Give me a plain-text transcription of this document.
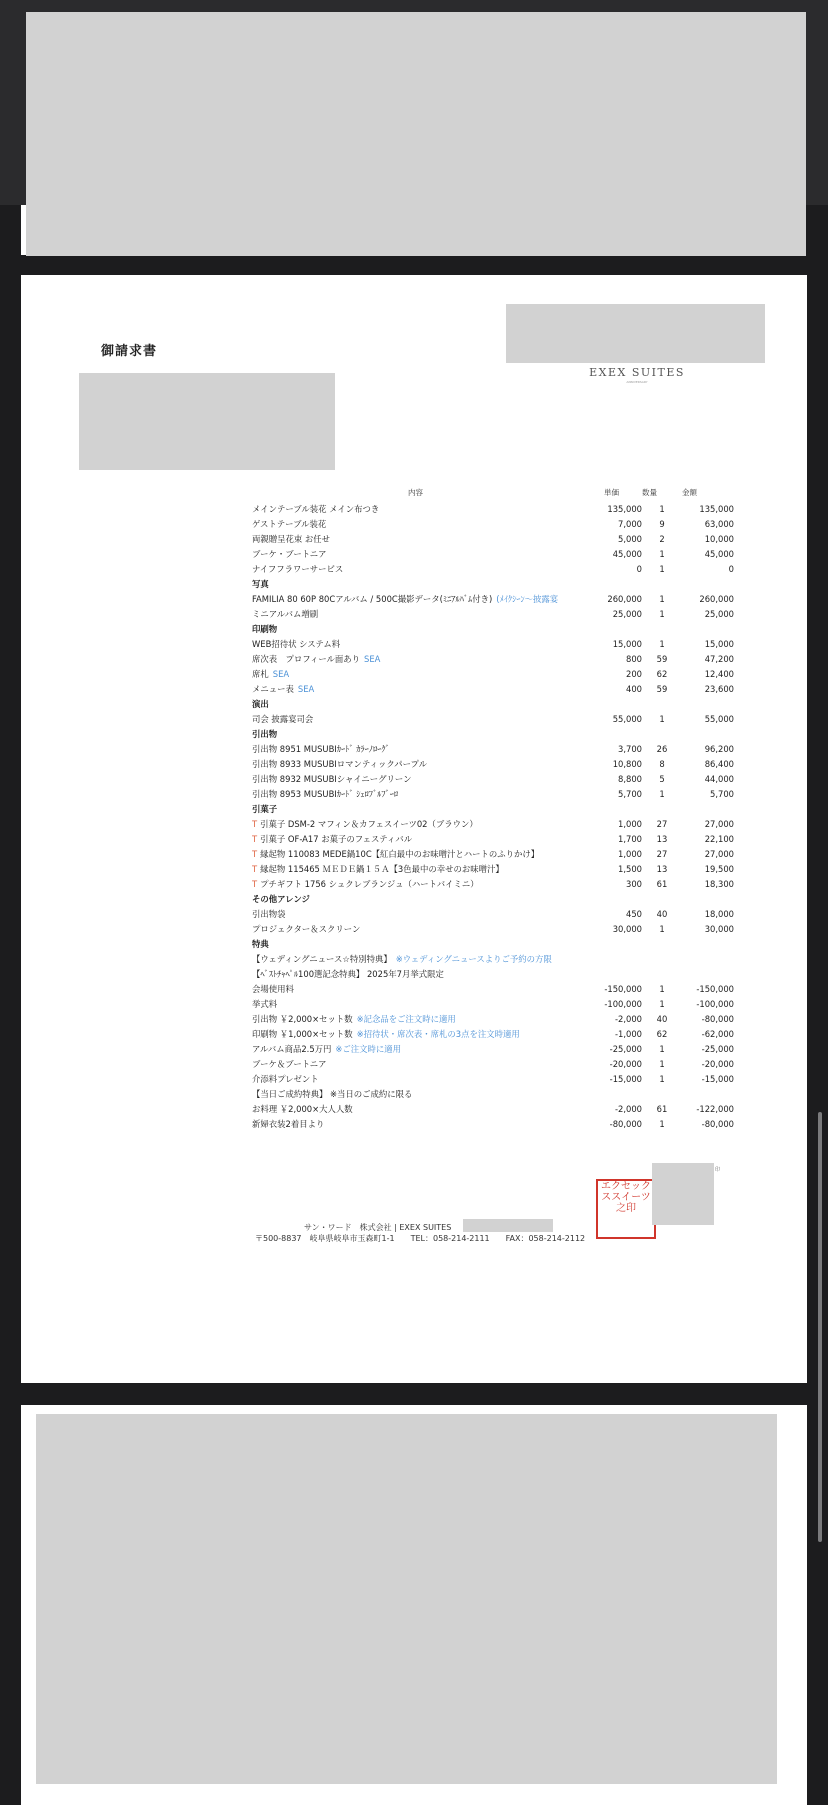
御請求書
EXEX SUITES
ANNIVERSARY
内容	単価	数量	金額
メインテーブル装花 メイン布つき	135,000	1	135,000
ゲストテーブル装花	7,000	9	63,000
両親贈呈花束 お任せ	5,000	2	10,000
ブーケ・ブートニア	45,000	1	45,000
ナイフフラワーサービス	0	1	0
写真
FAMILIA 80 60P 80Cアルバム / 500C撮影データ(ﾐﾆｱﾙﾊﾞﾑ付き) (ﾒｲｸｼｰﾝ〜披露宴	260,000	1	260,000
ミニアルバム増刷	25,000	1	25,000
印刷物
WEB招待状 システム料	15,000	1	15,000
席次表　プロフィール面あり SEA	800	59	47,200
席札 SEA	200	62	12,400
メニュー表 SEA	400	59	23,600
演出
司会 披露宴司会	55,000	1	55,000
引出物
引出物 8951 MUSUBIｶｰﾄﾞ ｶﾗｰﾉﾛｰｸﾞ	3,700	26	96,200
引出物 8933 MUSUBIロマンティックパープル	10,800	8	86,400
引出物 8932 MUSUBIシャイニーグリーン	8,800	5	44,000
引出物 8953 MUSUBIｶｰﾄﾞ ｼｪﾛﾌﾞﾙﾌﾞｰﾛ	5,700	1	5,700
引菓子
T 引菓子 DSM-2 マフィン＆カフェスイーツ02（ブラウン）	1,000	27	27,000
T 引菓子 OF-A17 お菓子のフェスティバル	1,700	13	22,100
T 縁起物 110083 MEDE鍋10C【紅白最中のお味噌汁とハートのふりかけ】	1,000	27	27,000
T 縁起物 115465 ＭＥＤＥ鍋１５Ａ【3色最中の幸せのお味噌汁】	1,500	13	19,500
T プチギフト 1756 シュクレブランジュ（ハートバイミニ）	300	61	18,300
その他アレンジ
引出物袋	450	40	18,000
プロジェクター＆スクリーン	30,000	1	30,000
特典
【ウェディングニュース☆特別特典】 ※ウェディングニュースよりご予約の方限
【ﾍﾞｽﾄﾁｬﾍﾟﾙ100選記念特典】 2025年7月挙式限定
会場使用料	-150,000	1	-150,000
挙式料	-100,000	1	-100,000
引出物 ￥2,000×セット数 ※記念品をご注文時に適用	-2,000	40	-80,000
印刷物 ￥1,000×セット数 ※招待状・席次表・席札の3点を注文時適用	-1,000	62	-62,000
アルバム商品2.5万円 ※ご注文時に適用	-25,000	1	-25,000
ブーケ＆ブートニア	-20,000	1	-20,000
介添料プレゼント	-15,000	1	-15,000
【当日ご成約特典】 ※当日のご成約に限る
お料理 ￥2,000×大人人数	-2,000	61	-122,000
新婦衣装2着目より	-80,000	1	-80,000
印
エクセックススイーツ之印
サン・ワード　株式会社 | EXEX SUITES
〒500-8837　岐阜県岐阜市玉森町1-1　　TEL：058-214-2111　　FAX：058-214-2112
